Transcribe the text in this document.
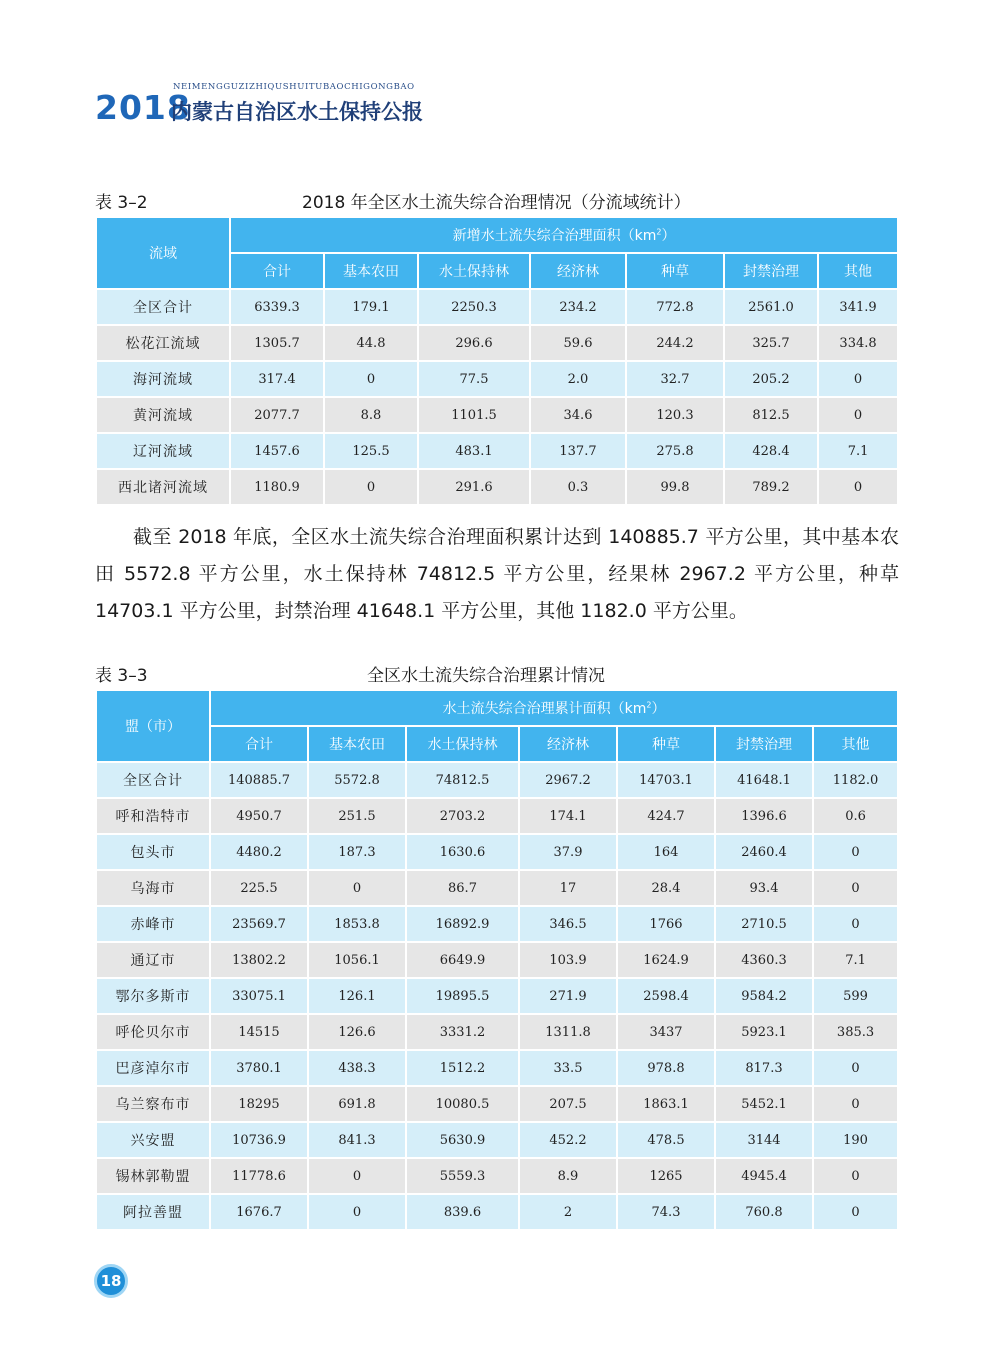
NEIMENGGUZIZHIQUSHUITUBAOCHIGONGBAO
2018
内蒙古自治区水土保持公报
表 3–2	2018 年全区水土流失综合治理情况（分流域统计）
流域	新增水土流失综合治理面积$(km^2)$						
	合计	基本农田	水土保持林	经济林	种草	封禁治理	其他
全区合计	6339.3	179.1	2250.3	234.2	772.8	2561.0	341.9
松花江流域	1305.7	44.8	296.6	59.6	244.2	325.7	334.8
海河流域	317.4	0	77.5	2.0	32.7	205.2	0
黄河流域	2077.7	8.8	1101.5	34.6	120.3	812.5	0
辽河流域	1457.6	125.5	483.1	137.7	275.8	428.4	7.1
西北诸河流域	1180.9	0	291.6	0.3	99.8	789.2	0

截至 2018 年底，全区水土流失综合治理面积累计达到 140885.7 平方公里，其中基本农田 5572.8 平方公里，水土保持林 74812.5 平方公里，经果林 2967.2 平方公里，种草 14703.1 平方公里，封禁治理 41648.1 平方公里，其他 1182.0 平方公里。

表 3–3	全区水土流失综合治理累计情况
盟（市）	水土流失综合治理累计面积$(km^2)$						
	合计	基本农田	水土保持林	经济林	种草	封禁治理	其他
全区合计	140885.7	5572.8	74812.5	2967.2	14703.1	41648.1	1182.0
呼和浩特市	4950.7	251.5	2703.2	174.1	424.7	1396.6	0.6
包头市	4480.2	187.3	1630.6	37.9	164	2460.4	0
乌海市	225.5	0	86.7	17	28.4	93.4	0
赤峰市	23569.7	1853.8	16892.9	346.5	1766	2710.5	0
通辽市	13802.2	1056.1	6649.9	103.9	1624.9	4360.3	7.1
鄂尔多斯市	33075.1	126.1	19895.5	271.9	2598.4	9584.2	599
呼伦贝尔市	14515	126.6	3331.2	1311.8	3437	5923.1	385.3
巴彦淖尔市	3780.1	438.3	1512.2	33.5	978.8	817.3	0
乌兰察布市	18295	691.8	10080.5	207.5	1863.1	5452.1	0
兴安盟	10736.9	841.3	5630.9	452.2	478.5	3144	190
锡林郭勒盟	11778.6	0	5559.3	8.9	1265	4945.4	0
阿拉善盟	1676.7	0	839.6	2	74.3	760.8	0
18
